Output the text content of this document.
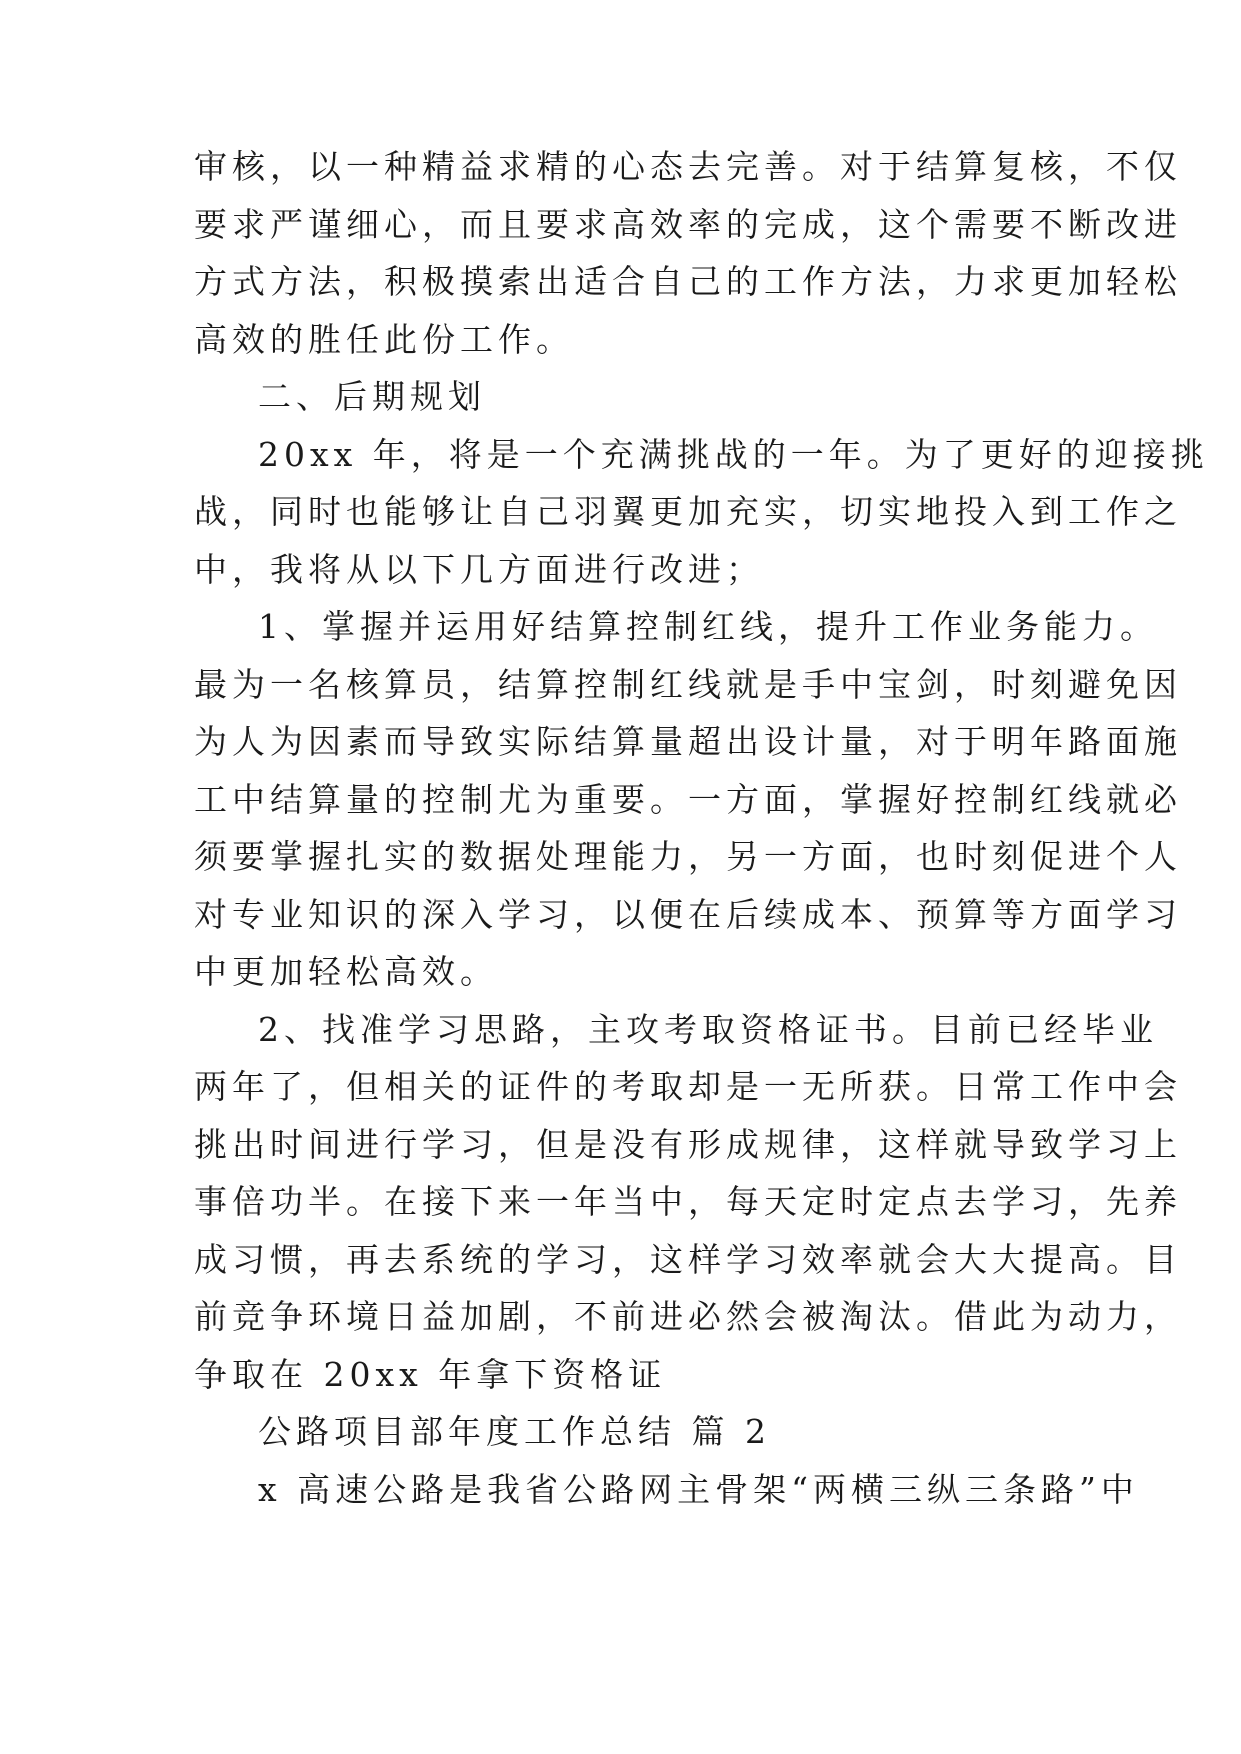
审核，以一种精益求精的心态去完善。对于结算复核，不仅
要求严谨细心，而且要求高效率的完成，这个需要不断改进
方式方法，积极摸索出适合自己的工作方法，力求更加轻松
高效的胜任此份工作。
二、后期规划
20xx 年，将是一个充满挑战的一年。为了更好的迎接挑
战，同时也能够让自己羽翼更加充实，切实地投入到工作之
中，我将从以下几方面进行改进；
1、掌握并运用好结算控制红线，提升工作业务能力。
最为一名核算员，结算控制红线就是手中宝剑，时刻避免因
为人为因素而导致实际结算量超出设计量，对于明年路面施
工中结算量的控制尤为重要。一方面，掌握好控制红线就必
须要掌握扎实的数据处理能力，另一方面，也时刻促进个人
对专业知识的深入学习，以便在后续成本、预算等方面学习
中更加轻松高效。
2、找准学习思路，主攻考取资格证书。目前已经毕业
两年了，但相关的证件的考取却是一无所获。日常工作中会
挑出时间进行学习，但是没有形成规律，这样就导致学习上
事倍功半。在接下来一年当中，每天定时定点去学习，先养
成习惯，再去系统的学习，这样学习效率就会大大提高。目
前竞争环境日益加剧，不前进必然会被淘汰。借此为动力，
争取在 20xx 年拿下资格证
公路项目部年度工作总结 篇 2
x 高速公路是我省公路网主骨架“两横三纵三条路”中
